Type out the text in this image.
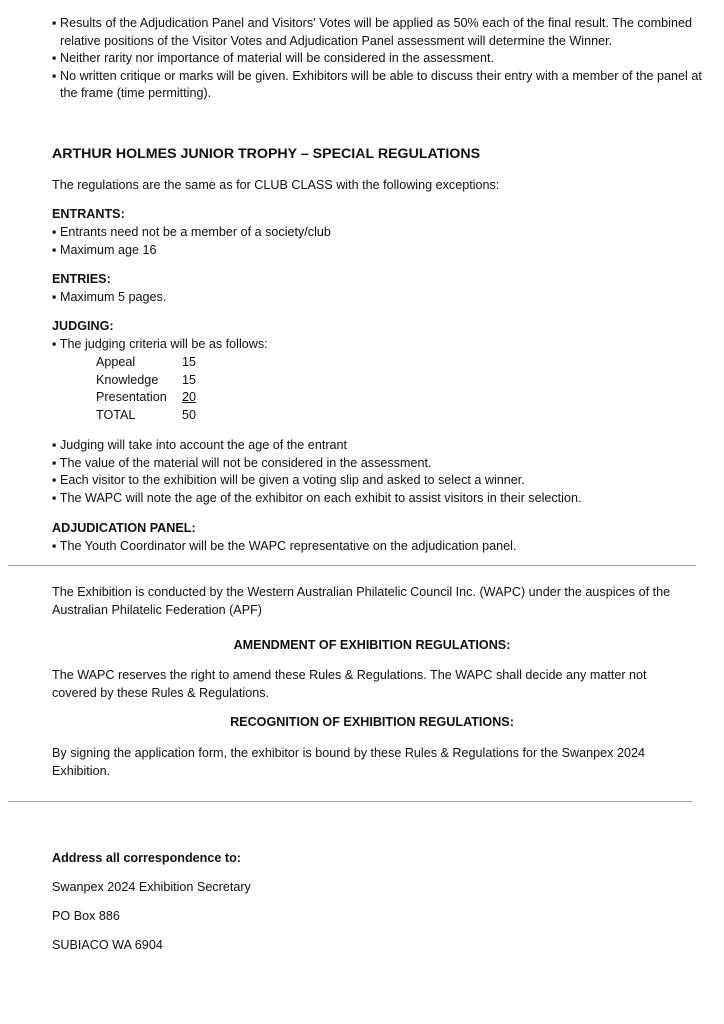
▪ Results of the Adjudication Panel and Visitors' Votes will be applied as 50% each of the final result. The combined relative positions of the Visitor Votes and Adjudication Panel assessment will determine the Winner.

▪ Neither rarity nor importance of material will be considered in the assessment.

▪ No written critique or marks will be given. Exhibitors will be able to discuss their entry with a member of the panel at the frame (time permitting).

ARTHUR HOLMES JUNIOR TROPHY – SPECIAL REGULATIONS
The regulations are the same as for CLUB CLASS with the following exceptions:
ENTRANTS:

▪ Entrants need not be a member of a society/club

▪ Maximum age 16

ENTRIES:

▪ Maximum 5 pages.

JUDGING:
▪ The judging criteria will be as follows:
Appeal	15
Knowledge	15
Presentation	20
TOTAL	50

▪ Judging will take into account the age of the entrant

▪ The value of the material will not be considered in the assessment.

▪ Each visitor to the exhibition will be given a voting slip and asked to select a winner.

▪ The WAPC will note the age of the exhibitor on each exhibit to assist visitors in their selection.

ADJUDICATION PANEL:

▪ The Youth Coordinator will be the WAPC representative on the adjudication panel.

The Exhibition is conducted by the Western Australian Philatelic Council Inc. (WAPC) under the auspices of the Australian Philatelic Federation (APF)
AMENDMENT OF EXHIBITION REGULATIONS:
The WAPC reserves the right to amend these Rules & Regulations. The WAPC shall decide any matter not covered by these Rules & Regulations.
RECOGNITION OF EXHIBITION REGULATIONS:
By signing the application form, the exhibitor is bound by these Rules & Regulations for the Swanpex 2024 Exhibition.
Address all correspondence to:
Swanpex 2024 Exhibition Secretary
PO Box 886
SUBIACO WA 6904
